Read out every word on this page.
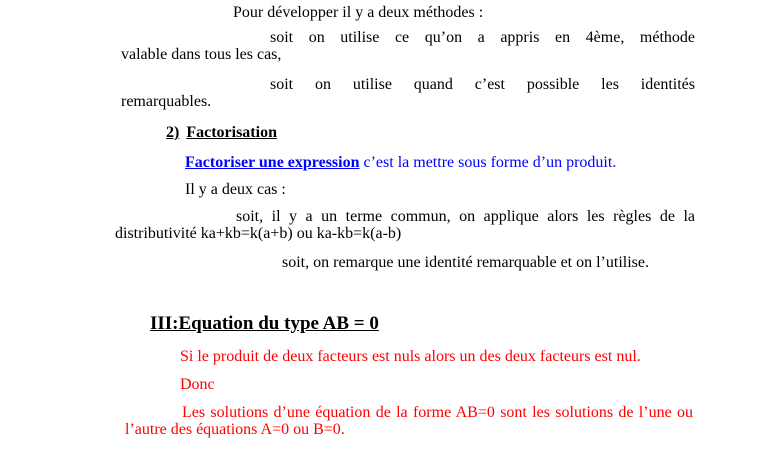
Pour développer il y a deux méthodes :
soit on utilise ce qu’on a appris en 4ème, méthode
valable dans tous les cas,
soit on utilise quand c’est possible les identités
remarquables.
2) Factorisation
Factoriser une expression c’est la mettre sous forme d’un produit.
Il y a deux cas :
soit, il y a un terme commun, on applique alors les règles de la
distributivité ka+kb=k(a+b) ou ka-kb=k(a-b)
soit, on remarque une identité remarquable et on l’utilise.
III:Equation du type AB = 0
Si le produit de deux facteurs est nuls alors un des deux facteurs est nul.
Donc
Les solutions d’une équation de la forme AB=0 sont les solutions de l’une ou
l’autre des équations A=0 ou B=0.
